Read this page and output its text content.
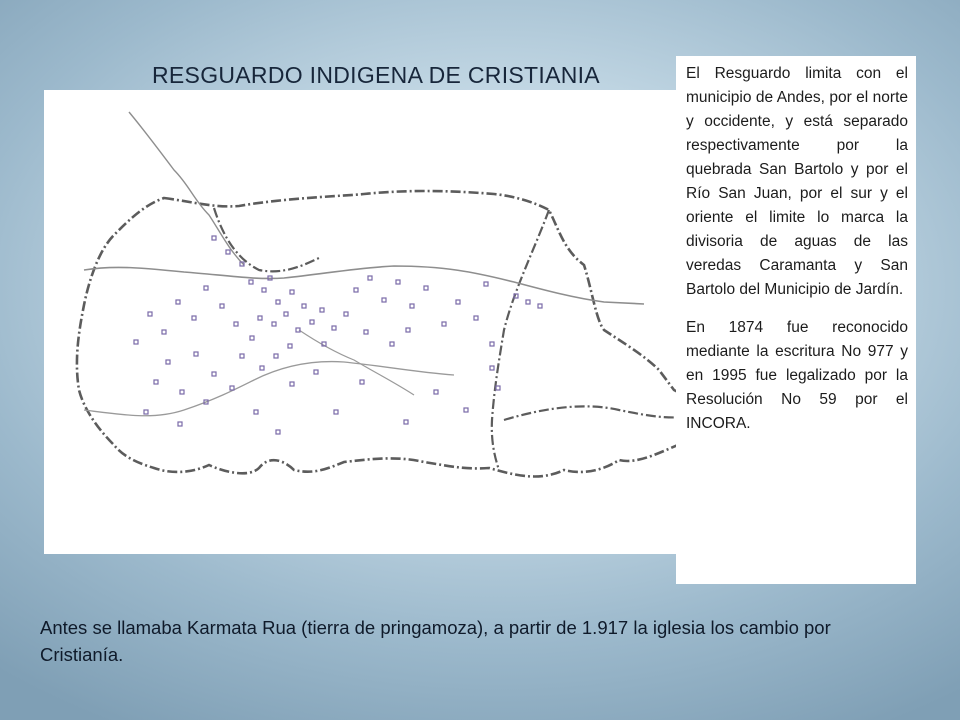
RESGUARDO INDIGENA DE CRISTIANIA	El Resguardo limita con el municipio de Andes, por el norte y occidente, y está separado respectivamente por la quebrada San Bartolo y por el Río San Juan, por el sur y el oriente el limite lo marca la divisoria de aguas de las veredas Caramanta y San Bartolo del Municipio de Jardín.

En 1874 fue reconocido mediante la escritura No 977 y en 1995 fue legalizado por la Resolución No 59 por el INCORA.

Antes se llamaba Karmata Rua (tierra de pringamoza), a partir de 1.917 la iglesia los cambio por Cristianía.
